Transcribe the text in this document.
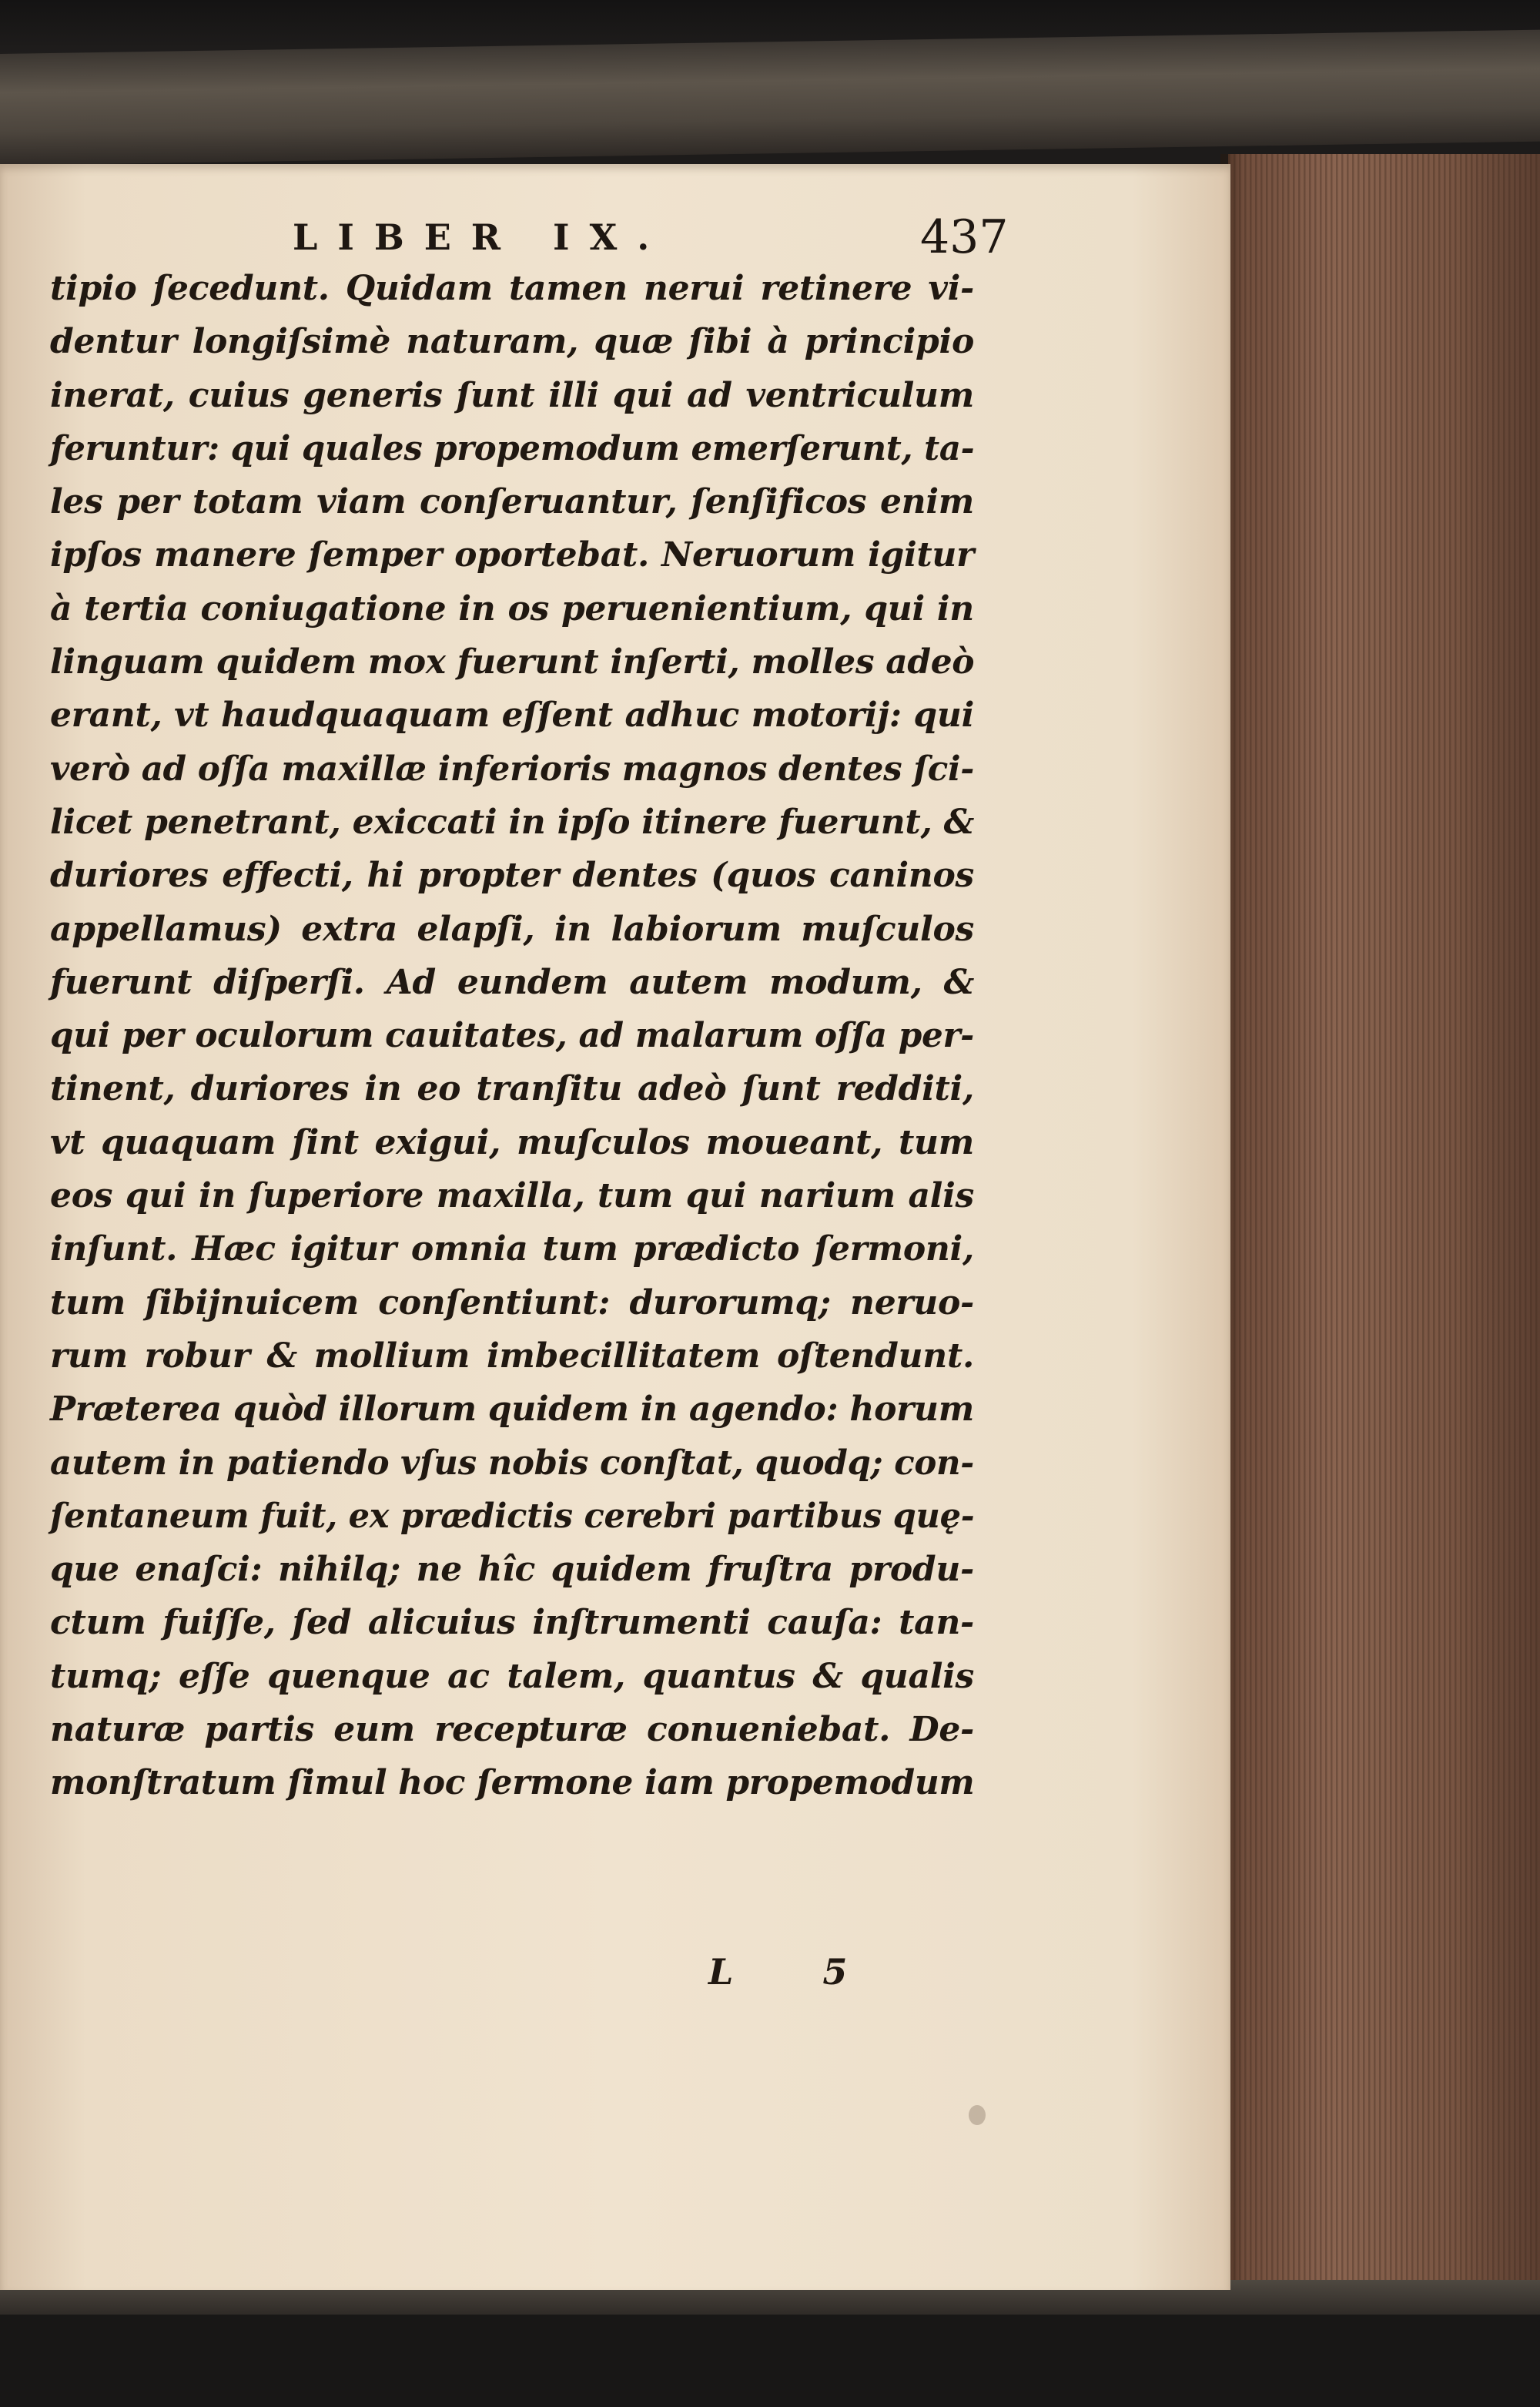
LIBER IX.	437

tipio ſecedunt. Quidam tamen nerui retinere vi-
dentur longiſsimè naturam, quæ ſibi à principio
inerat, cuius generis ſunt illi qui ad ventriculum
feruntur: qui quales propemodum emerſerunt, ta-
les per totam viam conſeruantur, ſenſificos enim
ipſos manere ſemper oportebat. Neruorum igitur
à tertia coniugatione in os peruenientium, qui in
linguam quidem mox fuerunt inſerti, molles adeò
erant, vt haudquaquam eſſent adhuc motorij: qui
verò ad oſſa maxillæ inferioris magnos dentes ſci-
licet penetrant, exiccati in ipſo itinere fuerunt, &
duriores effecti, hi propter dentes (quos caninos
appellamus) extra elapſi, in labiorum muſculos
fuerunt diſperſi. Ad eundem autem modum, &
qui per oculorum cauitates, ad malarum oſſa per-
tinent, duriores in eo tranſitu adeò ſunt redditi,
vt quaquam ſint exigui, muſculos moueant, tum
eos qui in ſuperiore maxilla, tum qui narium alis
inſunt. Hæc igitur omnia tum prædicto ſermoni,
tum ſibijnuicem conſentiunt: durorumq; neruo-
rum robur & mollium imbecillitatem oſtendunt.
Præterea quòd illorum quidem in agendo: horum
autem in patiendo vſus nobis conſtat, quodq; con-
ſentaneum fuit, ex prædictis cerebri partibus quę-
que enaſci: nihilq; ne hîc quidem fruſtra produ-
ctum fuiſſe, ſed alicuius inſtrumenti cauſa: tan-
tumq; eſſe quenque ac talem, quantus & qualis
naturæ partis eum recepturæ conueniebat. De-
monſtratum ſimul hoc ſermone iam propemodum

L 5
